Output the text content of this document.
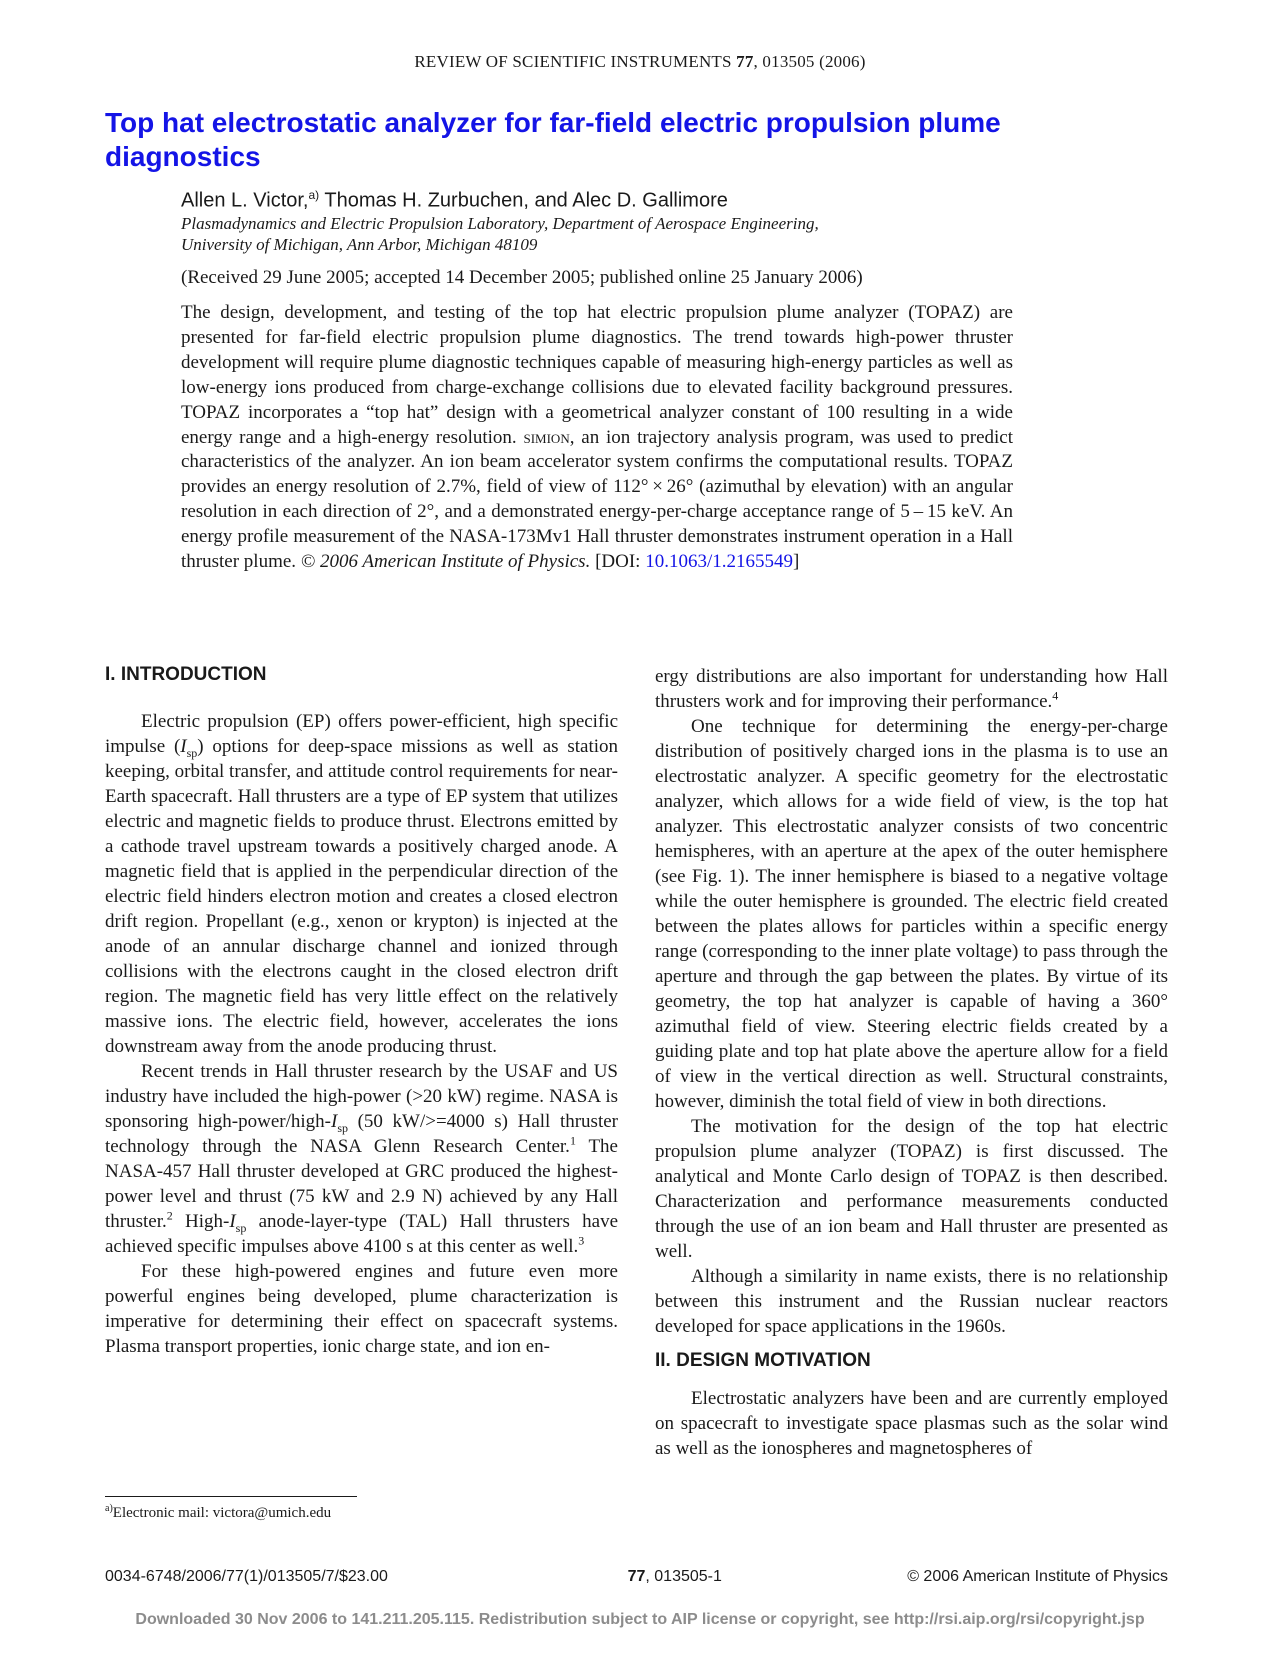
REVIEW OF SCIENTIFIC INSTRUMENTS 77, 013505 (2006)
Top hat electrostatic analyzer for far-field electric propulsion plume diagnostics

Allen L. Victor,$^{a)}$ Thomas H. Zurbuchen, and Alec D. Gallimore

Plasmadynamics and Electric Propulsion Laboratory, Department of Aerospace Engineering,
University of Michigan, Ann Arbor, Michigan 48109

(Received 29 June 2005; accepted 14 December 2005; published online 25 January 2006)

The design, development, and testing of the top hat electric propulsion plume analyzer (TOPAZ) are presented for far-field electric propulsion plume diagnostics. The trend towards high-power thruster development will require plume diagnostic techniques capable of measuring high-energy particles as well as low-energy ions produced from charge-exchange collisions due to elevated facility background pressures. TOPAZ incorporates a “top hat” design with a geometrical analyzer constant of 100 resulting in a wide energy range and a high-energy resolution. simion, an ion trajectory analysis program, was used to predict characteristics of the analyzer. An ion beam accelerator system confirms the computational results. TOPAZ provides an energy resolution of 2.7%, field of view of 112° × 26° (azimuthal by elevation) with an angular resolution in each direction of 2°, and a demonstrated energy-per-charge acceptance range of 5 – 15 keV. An energy profile measurement of the NASA-173Mv1 Hall thruster demonstrates instrument operation in a Hall thruster plume. © 2006 American Institute of Physics. [DOI: 10.1063/1.2165549]

I. INTRODUCTION

Electric propulsion (EP) offers power-efficient, high specific impulse $(I_{sp})$ options for deep-space missions as well as station keeping, orbital transfer, and attitude control requirements for near-Earth spacecraft. Hall thrusters are a type of EP system that utilizes electric and magnetic fields to produce thrust. Electrons emitted by a cathode travel upstream towards a positively charged anode. A magnetic field that is applied in the perpendicular direction of the electric field hinders electron motion and creates a closed electron drift region. Propellant (e.g., xenon or krypton) is injected at the anode of an annular discharge channel and ionized through collisions with the electrons caught in the closed electron drift region. The magnetic field has very little effect on the relatively massive ions. The electric field, however, accelerates the ions downstream away from the anode producing thrust.

Recent trends in Hall thruster research by the USAF and US industry have included the high-power (>20 kW) regime. NASA is sponsoring high-$power/high-I_{sp}$ (50 kW/>=4000 s) Hall thruster technology through the NASA Glenn Research Center.$^1$ The NASA-457 Hall thruster developed at GRC produced the highest-power level and thrust (75 kW and 2.9 N) achieved by any Hall thruster.$^2$ High-$I_{sp}$ anode-layer-type (TAL) Hall thrusters have achieved specific impulses above 4100 s at this center as well.$^3$

For these high-powered engines and future even more powerful engines being developed, plume characterization is imperative for determining their effect on spacecraft systems. Plasma transport properties, ionic charge state, and ion en-

ergy distributions are also important for understanding how Hall thrusters work and for improving their performance.$^4$

One technique for determining the energy-per-charge distribution of positively charged ions in the plasma is to use an electrostatic analyzer. A specific geometry for the electrostatic analyzer, which allows for a wide field of view, is the top hat analyzer. This electrostatic analyzer consists of two concentric hemispheres, with an aperture at the apex of the outer hemisphere (see Fig. 1). The inner hemisphere is biased to a negative voltage while the outer hemisphere is grounded. The electric field created between the plates allows for particles within a specific energy range (corresponding to the inner plate voltage) to pass through the aperture and through the gap between the plates. By virtue of its geometry, the top hat analyzer is capable of having a 360° azimuthal field of view. Steering electric fields created by a guiding plate and top hat plate above the aperture allow for a field of view in the vertical direction as well. Structural constraints, however, diminish the total field of view in both directions.

The motivation for the design of the top hat electric propulsion plume analyzer (TOPAZ) is first discussed. The analytical and Monte Carlo design of TOPAZ is then described. Characterization and performance measurements conducted through the use of an ion beam and Hall thruster are presented as well.

Although a similarity in name exists, there is no relationship between this instrument and the Russian nuclear reactors developed for space applications in the 1960s.

II. DESIGN MOTIVATION

Electrostatic analyzers have been and are currently employed on spacecraft to investigate space plasmas such as the solar wind as well as the ionospheres and magnetospheres of

$^{a)}$Electronic mail: victora@umich.edu

0034-6748/2006/77(1)/013505/7/$23.00	77 , 013505-1	© 2006 American Institute of Physics
Downloaded 30 Nov 2006 to 141.211.205.115. Redistribution subject to AIP license or copyright, see http://rsi.aip.org/rsi/copyright.jsp
